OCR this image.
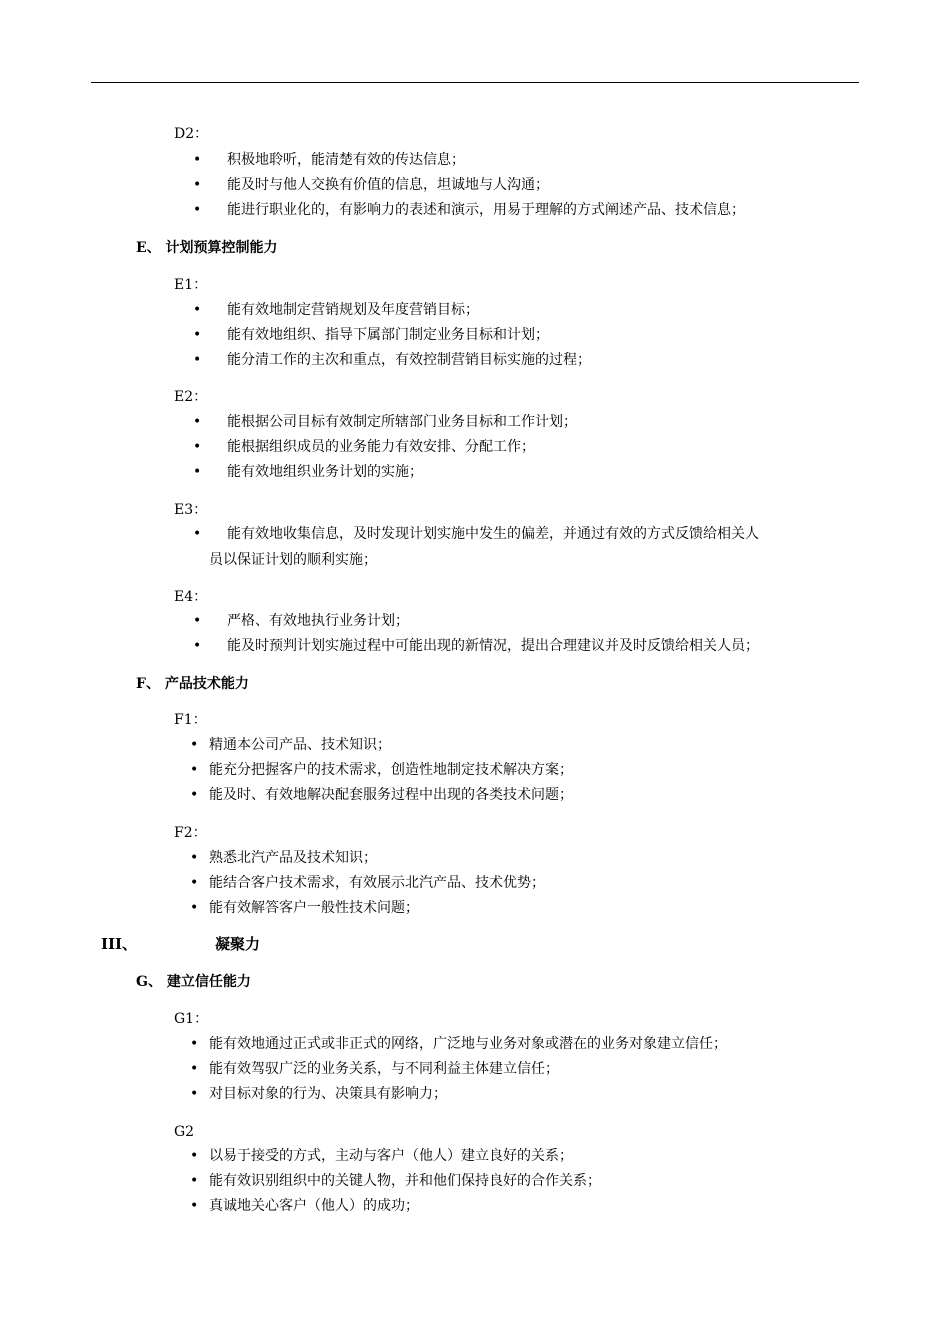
D2：
• 积极地聆听，能清楚有效的传达信息；
• 能及时与他人交换有价值的信息，坦诚地与人沟通；
• 能进行职业化的，有影响力的表述和演示，用易于理解的方式阐述产品、技术信息；
E、 计划预算控制能力
E1：
• 能有效地制定营销规划及年度营销目标；
• 能有效地组织、指导下属部门制定业务目标和计划；
• 能分清工作的主次和重点，有效控制营销目标实施的过程；
E2：
• 能根据公司目标有效制定所辖部门业务目标和工作计划；
• 能根据组织成员的业务能力有效安排、分配工作；
• 能有效地组织业务计划的实施；
E3：
• 能有效地收集信息，及时发现计划实施中发生的偏差，并通过有效的方式反馈给相关人
员以保证计划的顺利实施；
E4：
• 严格、有效地执行业务计划；
• 能及时预判计划实施过程中可能出现的新情况，提出合理建议并及时反馈给相关人员；
F、 产品技术能力
F1：
• 精通本公司产品、技术知识；
• 能充分把握客户的技术需求，创造性地制定技术解决方案；
• 能及时、有效地解决配套服务过程中出现的各类技术问题；
F2：
• 熟悉北汽产品及技术知识；
• 能结合客户技术需求，有效展示北汽产品、技术优势；
• 能有效解答客户一般性技术问题；
III、	凝聚力
G、 建立信任能力
G1：
• 能有效地通过正式或非正式的网络，广泛地与业务对象或潜在的业务对象建立信任；
• 能有效驾驭广泛的业务关系，与不同利益主体建立信任；
• 对目标对象的行为、决策具有影响力；
G2
• 以易于接受的方式，主动与客户（他人）建立良好的关系；
• 能有效识别组织中的关键人物，并和他们保持良好的合作关系；
• 真诚地关心客户（他人）的成功；
